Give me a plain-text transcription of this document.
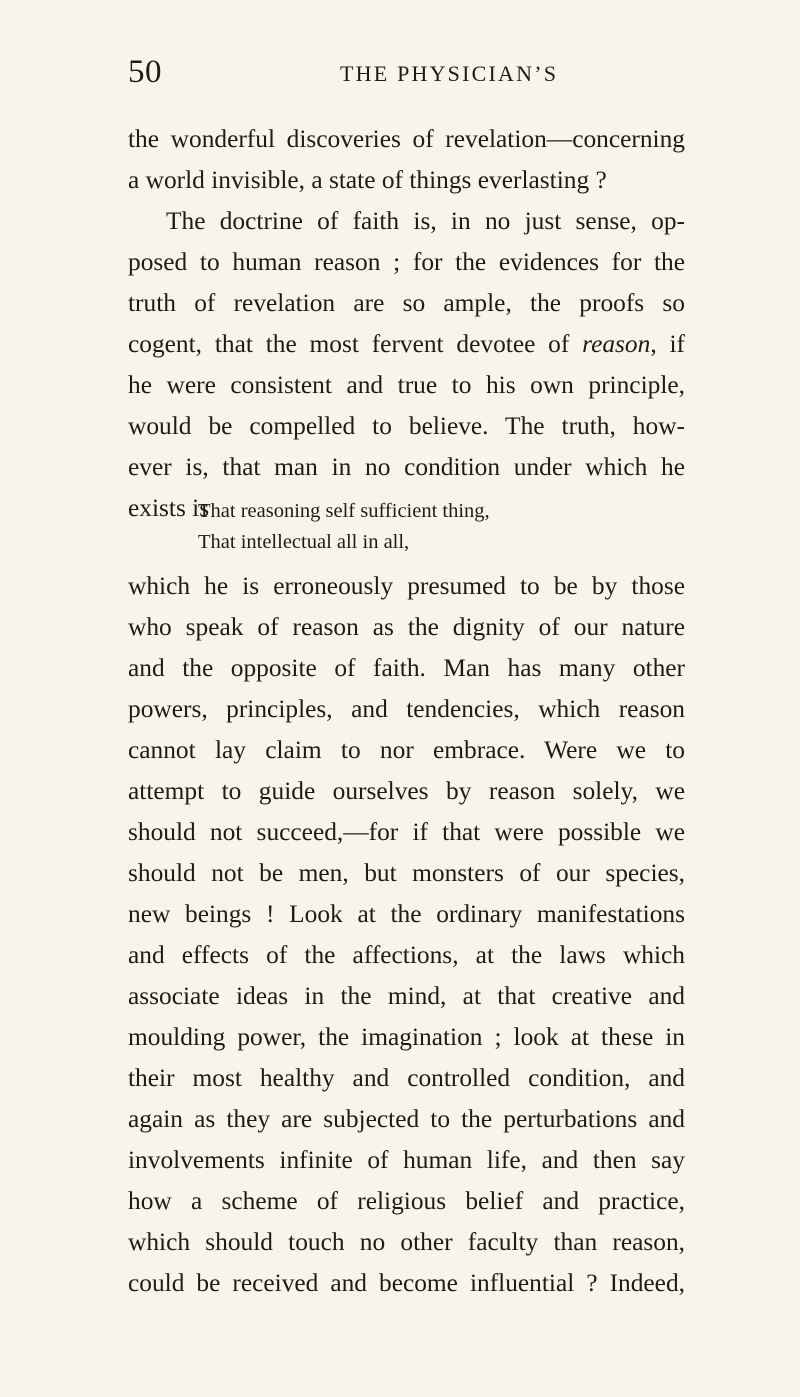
50	THE PHYSICIAN’S
the wonderful discoveries of revelation—concerning
a world invisible, a state of things everlasting ?
The doctrine of faith is, in no just sense, op-
posed to human reason ; for the evidences for the
truth of revelation are so ample, the proofs so
cogent, that the most fervent devotee of reason, if
he were consistent and true to his own principle,
would be compelled to believe. The truth, how-
ever is, that man in no condition under which he
exists is
That reasoning self sufficient thing,
That intellectual all in all,
which he is erroneously presumed to be by those
who speak of reason as the dignity of our nature
and the opposite of faith. Man has many other
powers, principles, and tendencies, which reason
cannot lay claim to nor embrace. Were we to
attempt to guide ourselves by reason solely, we
should not succeed,—for if that were possible we
should not be men, but monsters of our species,
new beings ! Look at the ordinary manifestations
and effects of the affections, at the laws which
associate ideas in the mind, at that creative and
moulding power, the imagination ; look at these in
their most healthy and controlled condition, and
again as they are subjected to the perturbations and
involvements infinite of human life, and then say
how a scheme of religious belief and practice,
which should touch no other faculty than reason,
could be received and become influential ? Indeed,
